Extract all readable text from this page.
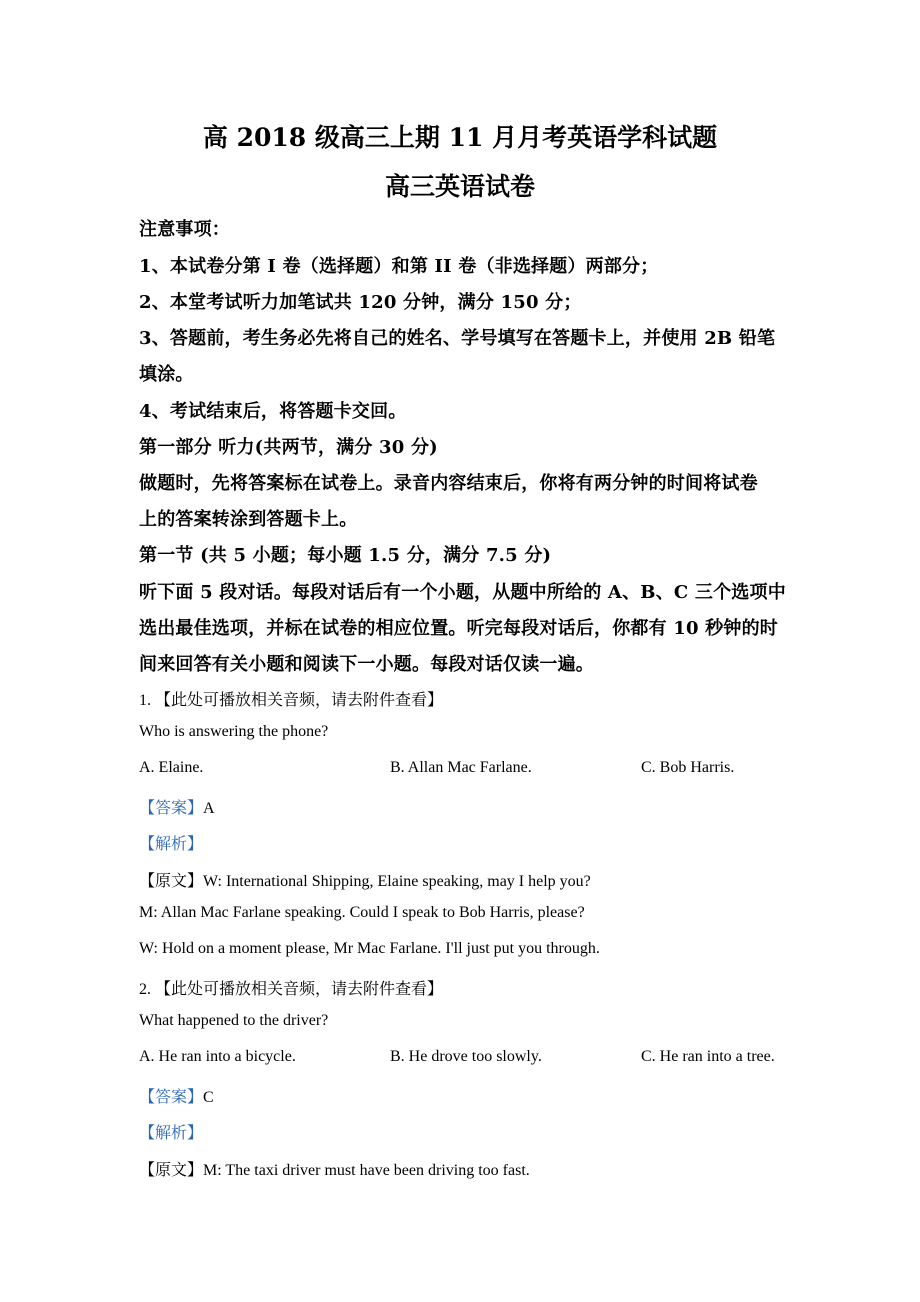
高 2018 级高三上期 11 月月考英语学科试题
高三英语试卷
注意事项：
1、本试卷分第 I 卷（选择题）和第 II 卷（非选择题）两部分；
2、本堂考试听力加笔试共 120 分钟，满分 150 分；
3、答题前，考生务必先将自己的姓名、学号填写在答题卡上，并使用 2B 铅笔
填涂。
4、考试结束后，将答题卡交回。
第一部分 听力(共两节，满分 30 分)
做题时，先将答案标在试卷上。录音内容结束后，你将有两分钟的时间将试卷
上的答案转涂到答题卡上。
第一节 (共 5 小题；每小题 1.5 分，满分 7.5 分)
听下面 5 段对话。每段对话后有一个小题，从题中所给的 A、B、C 三个选项中
选出最佳选项，并标在试卷的相应位置。听完每段对话后，你都有 10 秒钟的时
间来回答有关小题和阅读下一小题。每段对话仅读一遍。
1. 【此处可播放相关音频，请去附件查看】
Who is answering the phone?
A. Elaine.	B. Allan Mac Farlane.	C. Bob Harris.
【答案】A
【解析】
【原文】W: International Shipping, Elaine speaking, may I help you?
M: Allan Mac Farlane speaking. Could I speak to Bob Harris, please?
W: Hold on a moment please, Mr Mac Farlane. I'll just put you through.
2. 【此处可播放相关音频，请去附件查看】
What happened to the driver?
A. He ran into a bicycle.	B. He drove too slowly.	C. He ran into a tree.
【答案】C
【解析】
【原文】M: The taxi driver must have been driving too fast.
